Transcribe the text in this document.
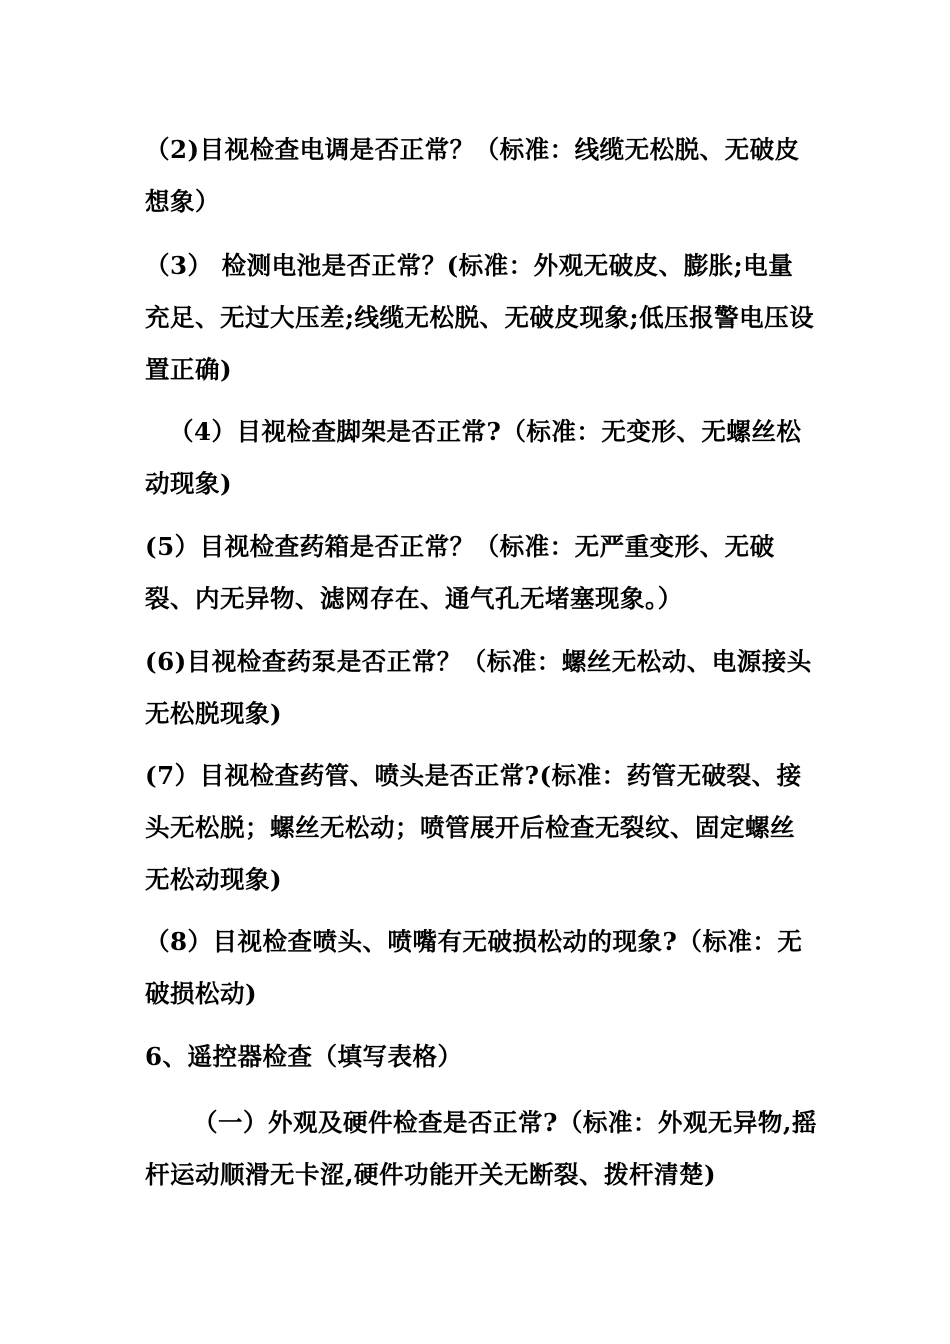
（2)目视检查电调是否正常？（标准：线缆无松脱、无破皮想象）
（3） 检测电池是否正常？(标准：外观无破皮、膨胀;电量充足、无过大压差;线缆无松脱、无破皮现象;低压报警电压设置正确)
（4）目视检查脚架是否正常?（标准：无变形、无螺丝松动现象)
(5）目视检查药箱是否正常？（标准：无严重变形、无破裂、内无异物、滤网存在、通气孔无堵塞现象。）
(6)目视检查药泵是否正常？（标准：螺丝无松动、电源接头无松脱现象)
(7）目视检查药管、喷头是否正常?(标准：药管无破裂、接头无松脱；螺丝无松动；喷管展开后检查无裂纹、固定螺丝无松动现象)
（8）目视检查喷头、喷嘴有无破损松动的现象?（标准：无破损松动)
6、遥控器检查（填写表格）
（一）外观及硬件检查是否正常?（标准：外观无异物,摇杆运动顺滑无卡涩,硬件功能开关无断裂、拨杆清楚)
